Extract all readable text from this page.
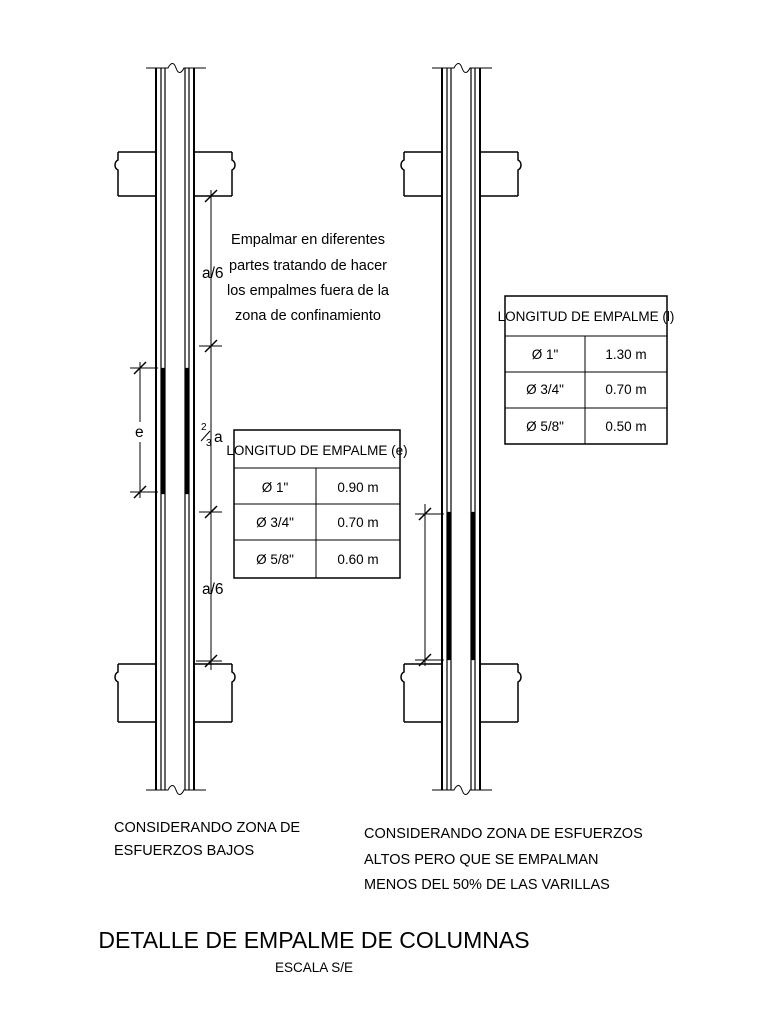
a/6
2
3 a
a/6
e
Empalmar en diferentes
partes tratando de hacer
los empalmes fuera de la
zona de confinamiento
LONGITUD DE EMPALME (e)
Ø 1"	0.90 m
Ø 3/4"	0.70 m
Ø 5/8"	0.60 m
LONGITUD DE EMPALME (l)
Ø 1"	1.30 m
Ø 3/4"	0.70 m
Ø 5/8"	0.50 m
CONSIDERANDO ZONA DE
ESFUERZOS BAJOS
CONSIDERANDO ZONA DE ESFUERZOS
ALTOS PERO QUE SE EMPALMAN
MENOS DEL 50% DE LAS VARILLAS
DETALLE DE EMPALME DE COLUMNAS
ESCALA S/E
